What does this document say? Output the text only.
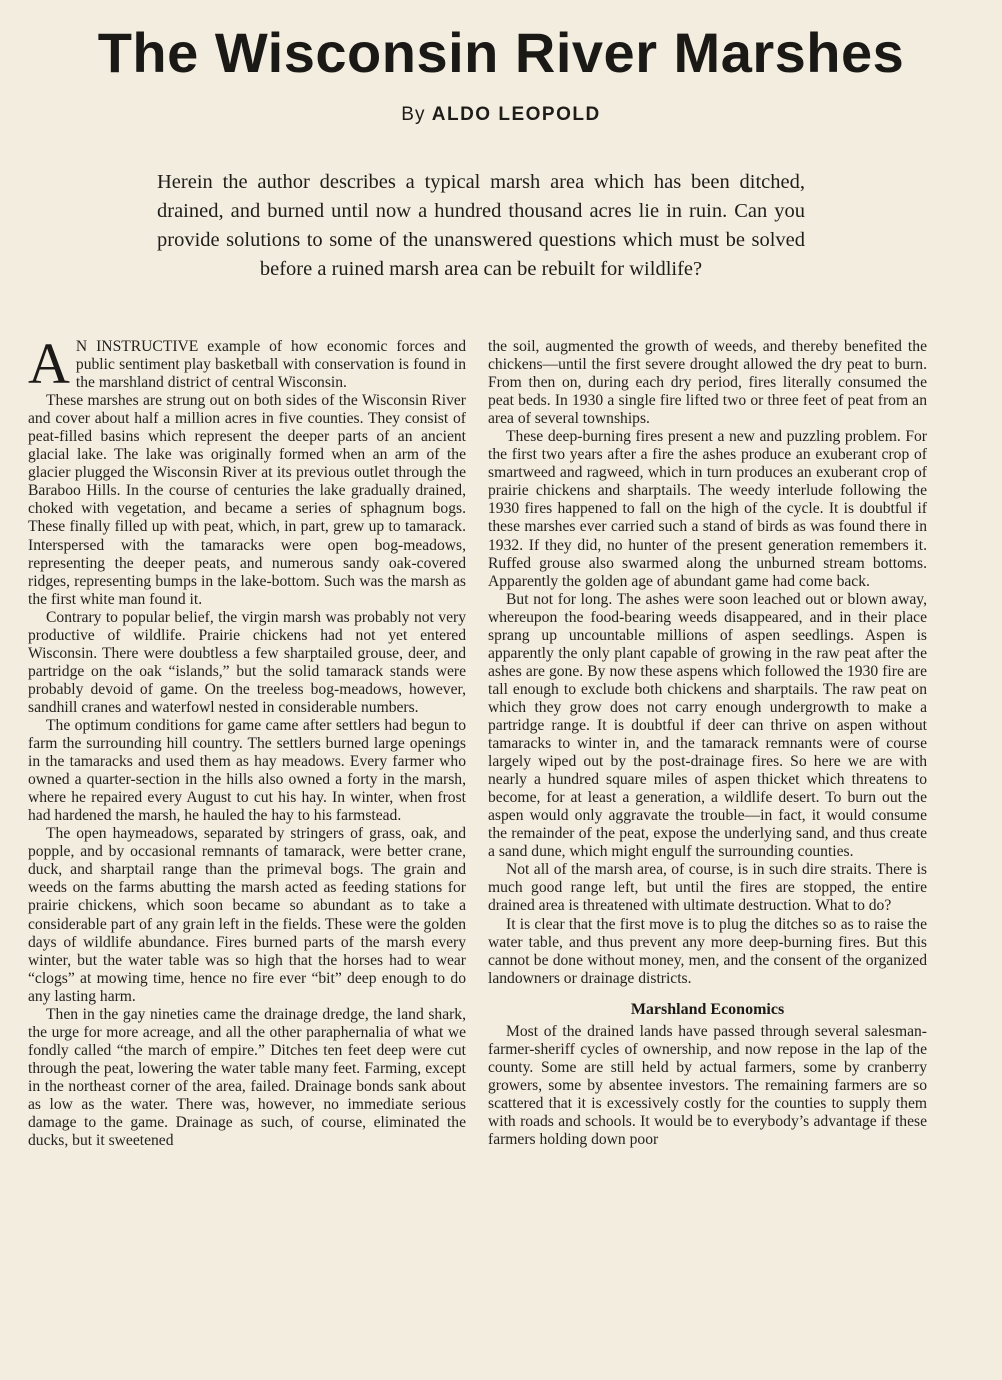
The Wisconsin River Marshes
By ALDO LEOPOLD
Herein the author describes a typical marsh area which has been ditched, drained, and burned until now a hundred thousand acres lie in ruin. Can you provide solutions to some of the unanswered questions which must be solved before a ruined marsh area can be rebuilt for wildlife?

A N INSTRUCTIVE example of how economic forces and public sentiment play basketball with conservation is found in the marshland district of central Wisconsin.

These marshes are strung out on both sides of the Wisconsin River and cover about half a million acres in five counties. They consist of peat-filled basins which represent the deeper parts of an ancient glacial lake. The lake was originally formed when an arm of the glacier plugged the Wisconsin River at its previous outlet through the Baraboo Hills. In the course of centuries the lake gradually drained, choked with vegetation, and became a series of sphagnum bogs. These finally filled up with peat, which, in part, grew up to tamarack. Interspersed with the tamaracks were open bog-meadows, representing the deeper peats, and numerous sandy oak-covered ridges, representing bumps in the lake-bottom. Such was the marsh as the first white man found it.

Contrary to popular belief, the virgin marsh was probably not very productive of wildlife. Prairie chickens had not yet entered Wisconsin. There were doubtless a few sharptailed grouse, deer, and partridge on the oak “islands,” but the solid tamarack stands were probably devoid of game. On the treeless bog-meadows, however, sandhill cranes and waterfowl nested in considerable numbers.

The optimum conditions for game came after settlers had begun to farm the surrounding hill country. The settlers burned large openings in the tamaracks and used them as hay meadows. Every farmer who owned a quarter-section in the hills also owned a forty in the marsh, where he repaired every August to cut his hay. In winter, when frost had hardened the marsh, he hauled the hay to his farmstead.

The open haymeadows, separated by stringers of grass, oak, and popple, and by occasional remnants of tamarack, were better crane, duck, and sharptail range than the primeval bogs. The grain and weeds on the farms abutting the marsh acted as feeding stations for prairie chickens, which soon became so abundant as to take a considerable part of any grain left in the fields. These were the golden days of wildlife abundance. Fires burned parts of the marsh every winter, but the water table was so high that the horses had to wear “clogs” at mowing time, hence no fire ever “bit” deep enough to do any lasting harm.

Then in the gay nineties came the drainage dredge, the land shark, the urge for more acreage, and all the other paraphernalia of what we fondly called “the march of empire.” Ditches ten feet deep were cut through the peat, lowering the water table many feet. Farming, except in the northeast corner of the area, failed. Drainage bonds sank about as low as the water. There was, however, no immediate serious damage to the game. Drainage as such, of course, eliminated the ducks, but it sweetened

the soil, augmented the growth of weeds, and thereby benefited the chickens—until the first severe drought allowed the dry peat to burn. From then on, during each dry period, fires literally consumed the peat beds. In 1930 a single fire lifted two or three feet of peat from an area of several townships.

These deep-burning fires present a new and puzzling problem. For the first two years after a fire the ashes produce an exuberant crop of smartweed and ragweed, which in turn produces an exuberant crop of prairie chickens and sharptails. The weedy interlude following the 1930 fires happened to fall on the high of the cycle. It is doubtful if these marshes ever carried such a stand of birds as was found there in 1932. If they did, no hunter of the present generation remembers it. Ruffed grouse also swarmed along the unburned stream bottoms. Apparently the golden age of abundant game had come back.

But not for long. The ashes were soon leached out or blown away, whereupon the food-bearing weeds disappeared, and in their place sprang up uncountable millions of aspen seedlings. Aspen is apparently the only plant capable of growing in the raw peat after the ashes are gone. By now these aspens which followed the 1930 fire are tall enough to exclude both chickens and sharptails. The raw peat on which they grow does not carry enough undergrowth to make a partridge range. It is doubtful if deer can thrive on aspen without tamaracks to winter in, and the tamarack remnants were of course largely wiped out by the post-drainage fires. So here we are with nearly a hundred square miles of aspen thicket which threatens to become, for at least a generation, a wildlife desert. To burn out the aspen would only aggravate the trouble—in fact, it would consume the remainder of the peat, expose the underlying sand, and thus create a sand dune, which might engulf the surrounding counties.

Not all of the marsh area, of course, is in such dire straits. There is much good range left, but until the fires are stopped, the entire drained area is threatened with ultimate destruction. What to do?

It is clear that the first move is to plug the ditches so as to raise the water table, and thus prevent any more deep-burning fires. But this cannot be done without money, men, and the consent of the organized landowners or drainage districts.

Marshland Economics

Most of the drained lands have passed through several salesman-farmer-sheriff cycles of ownership, and now repose in the lap of the county. Some are still held by actual farmers, some by cranberry growers, some by absentee investors. The remaining farmers are so scattered that it is excessively costly for the counties to supply them with roads and schools. It would be to everybody’s advantage if these farmers holding down poor
